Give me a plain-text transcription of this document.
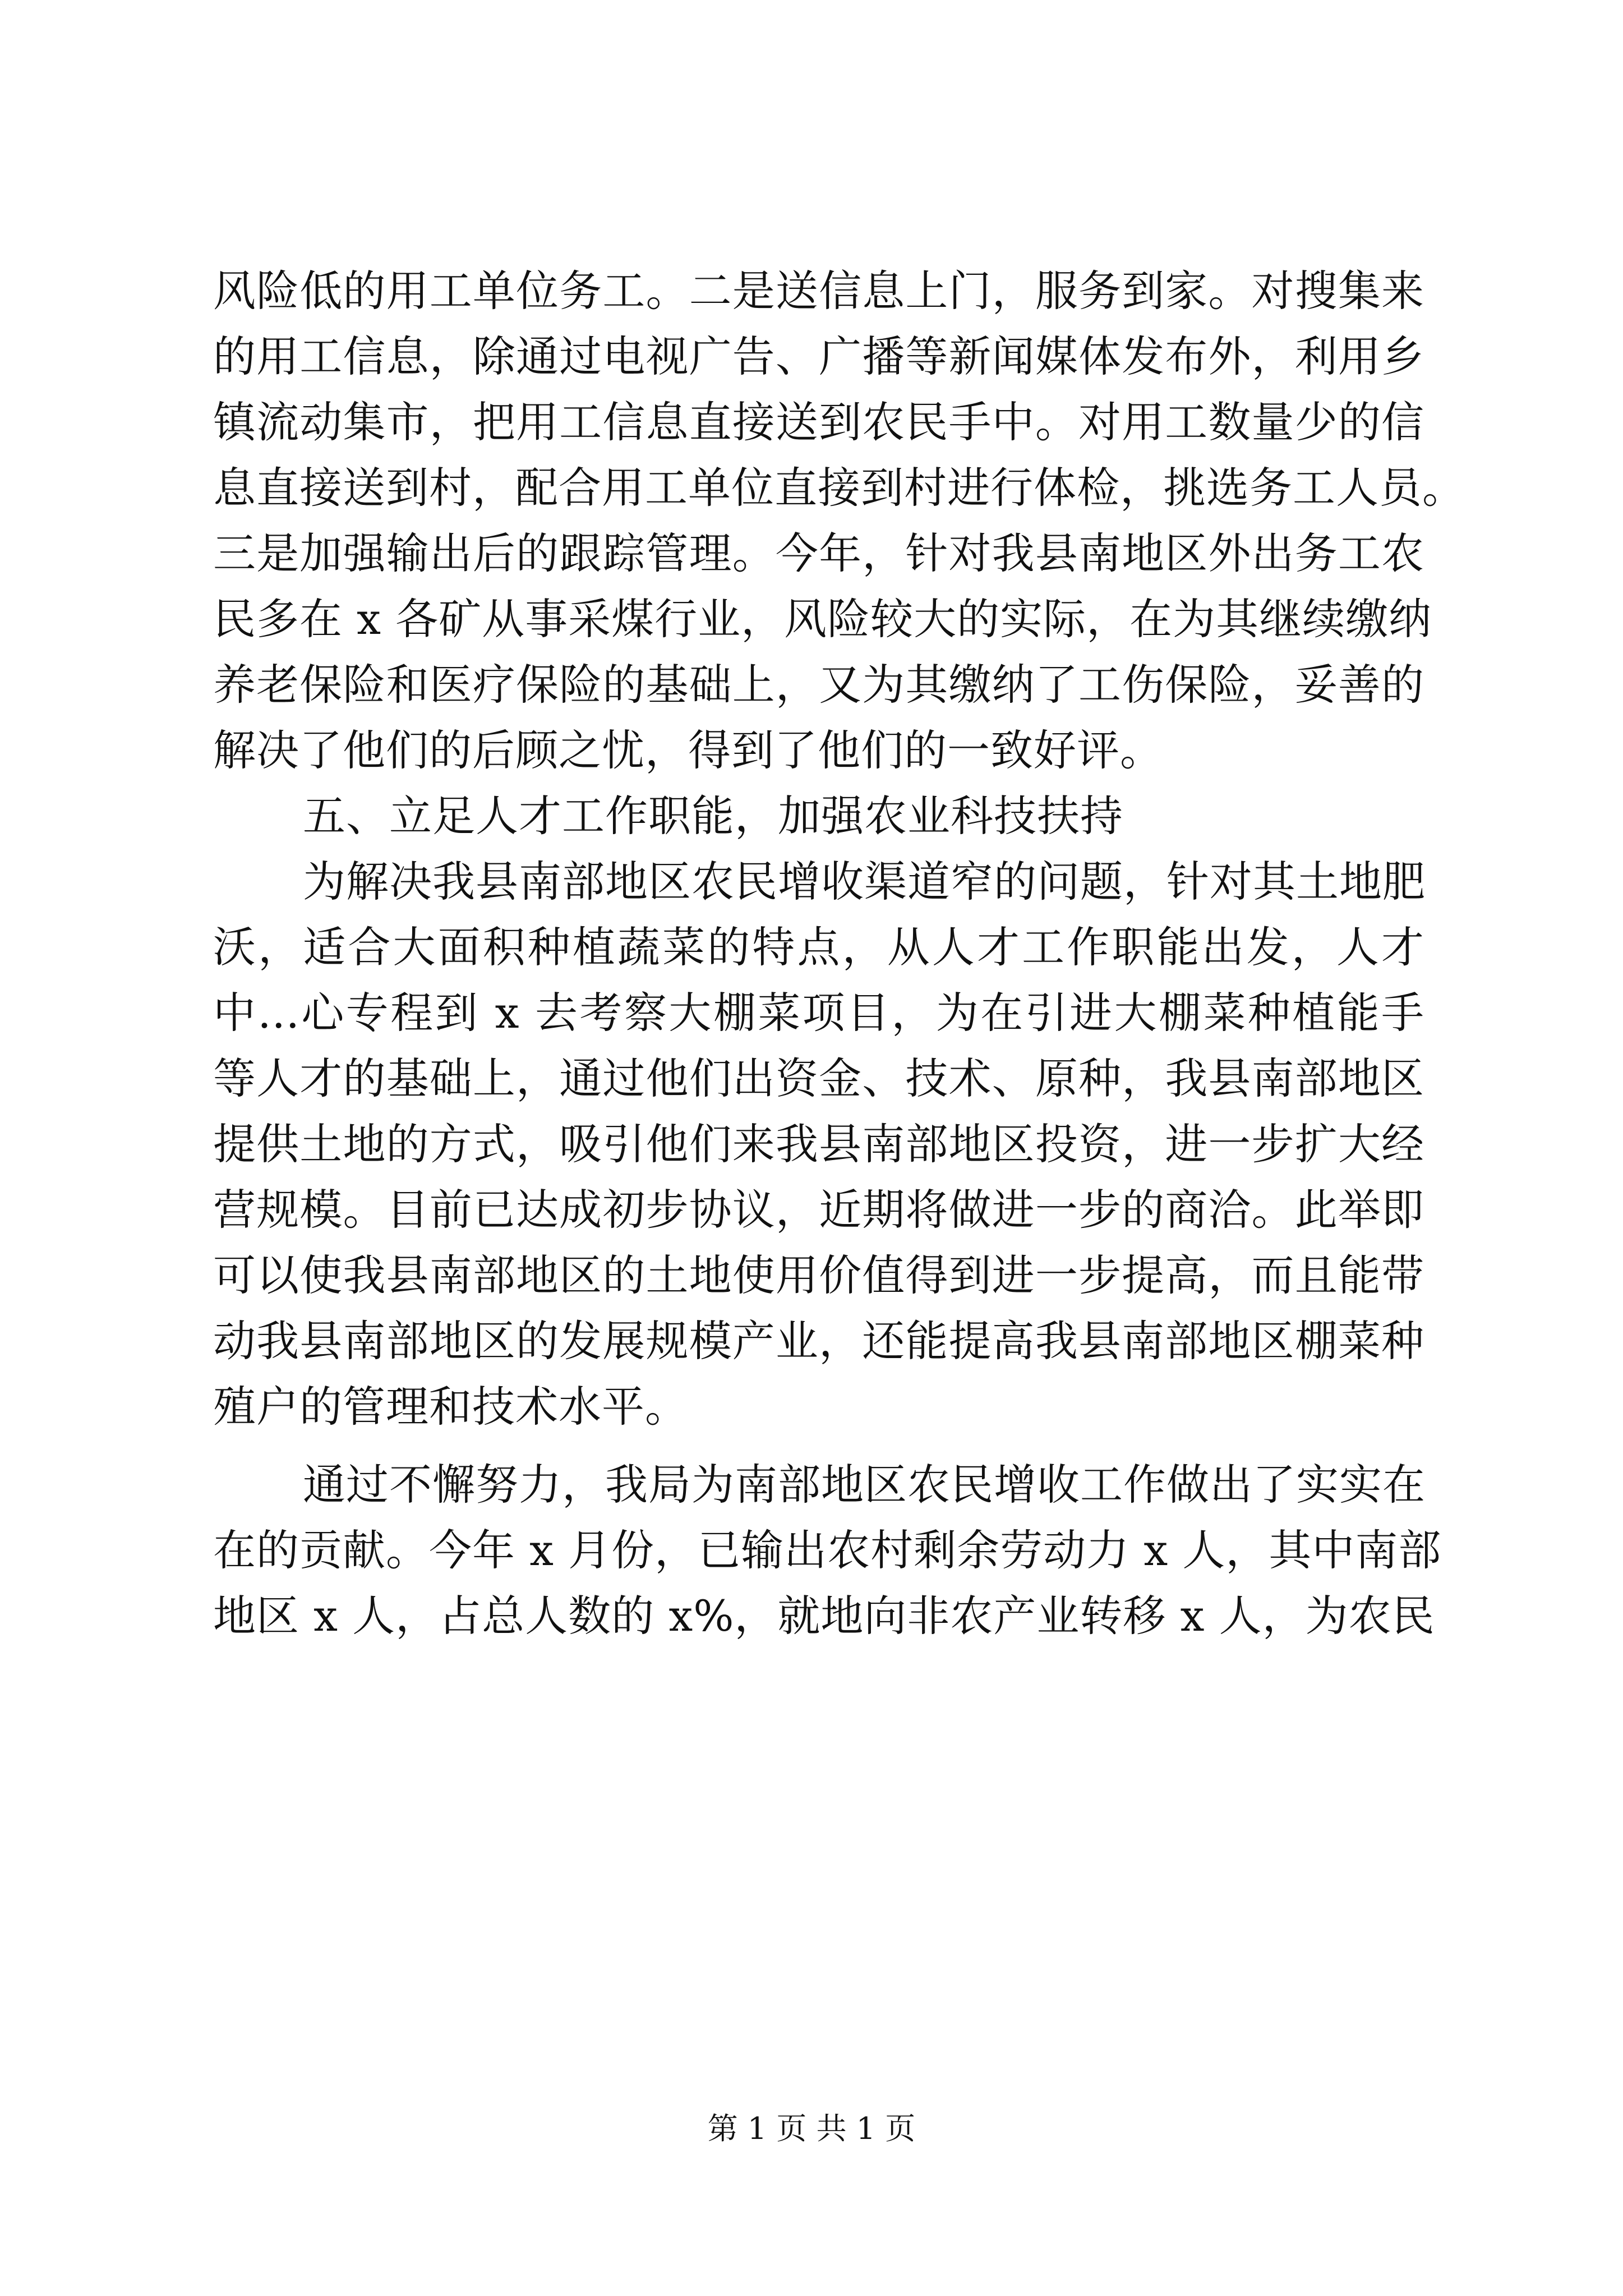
风险低的用工单位务工。二是送信息上门，服务到家。对搜集来
的用工信息，除通过电视广告、广播等新闻媒体发布外，利用乡
镇流动集市，把用工信息直接送到农民手中。对用工数量少的信
息直接送到村，配合用工单位直接到村进行体检，挑选务工人员。
三是加强输出后的跟踪管理。今年，针对我县南地区外出务工农
民多在 x 各矿从事采煤行业，风险较大的实际，在为其继续缴纳
养老保险和医疗保险的基础上，又为其缴纳了工伤保险，妥善的
解决了他们的后顾之忧，得到了他们的一致好评。
五、立足人才工作职能，加强农业科技扶持
为解决我县南部地区农民增收渠道窄的问题，针对其土地肥
沃，适合大面积种植蔬菜的特点，从人才工作职能出发，人才
中...心专程到 x 去考察大棚菜项目，为在引进大棚菜种植能手
等人才的基础上，通过他们出资金、技术、原种，我县南部地区
提供土地的方式，吸引他们来我县南部地区投资，进一步扩大经
营规模。目前已达成初步协议，近期将做进一步的商洽。此举即
可以使我县南部地区的土地使用价值得到进一步提高，而且能带
动我县南部地区的发展规模产业，还能提高我县南部地区棚菜种
殖户的管理和技术水平。
通过不懈努力，我局为南部地区农民增收工作做出了实实在
在的贡献。今年 x 月份，已输出农村剩余劳动力 x 人，其中南部
地区 x 人，占总人数的 x%，就地向非农产业转移 x 人，为农民
第 1 页 共 1 页
